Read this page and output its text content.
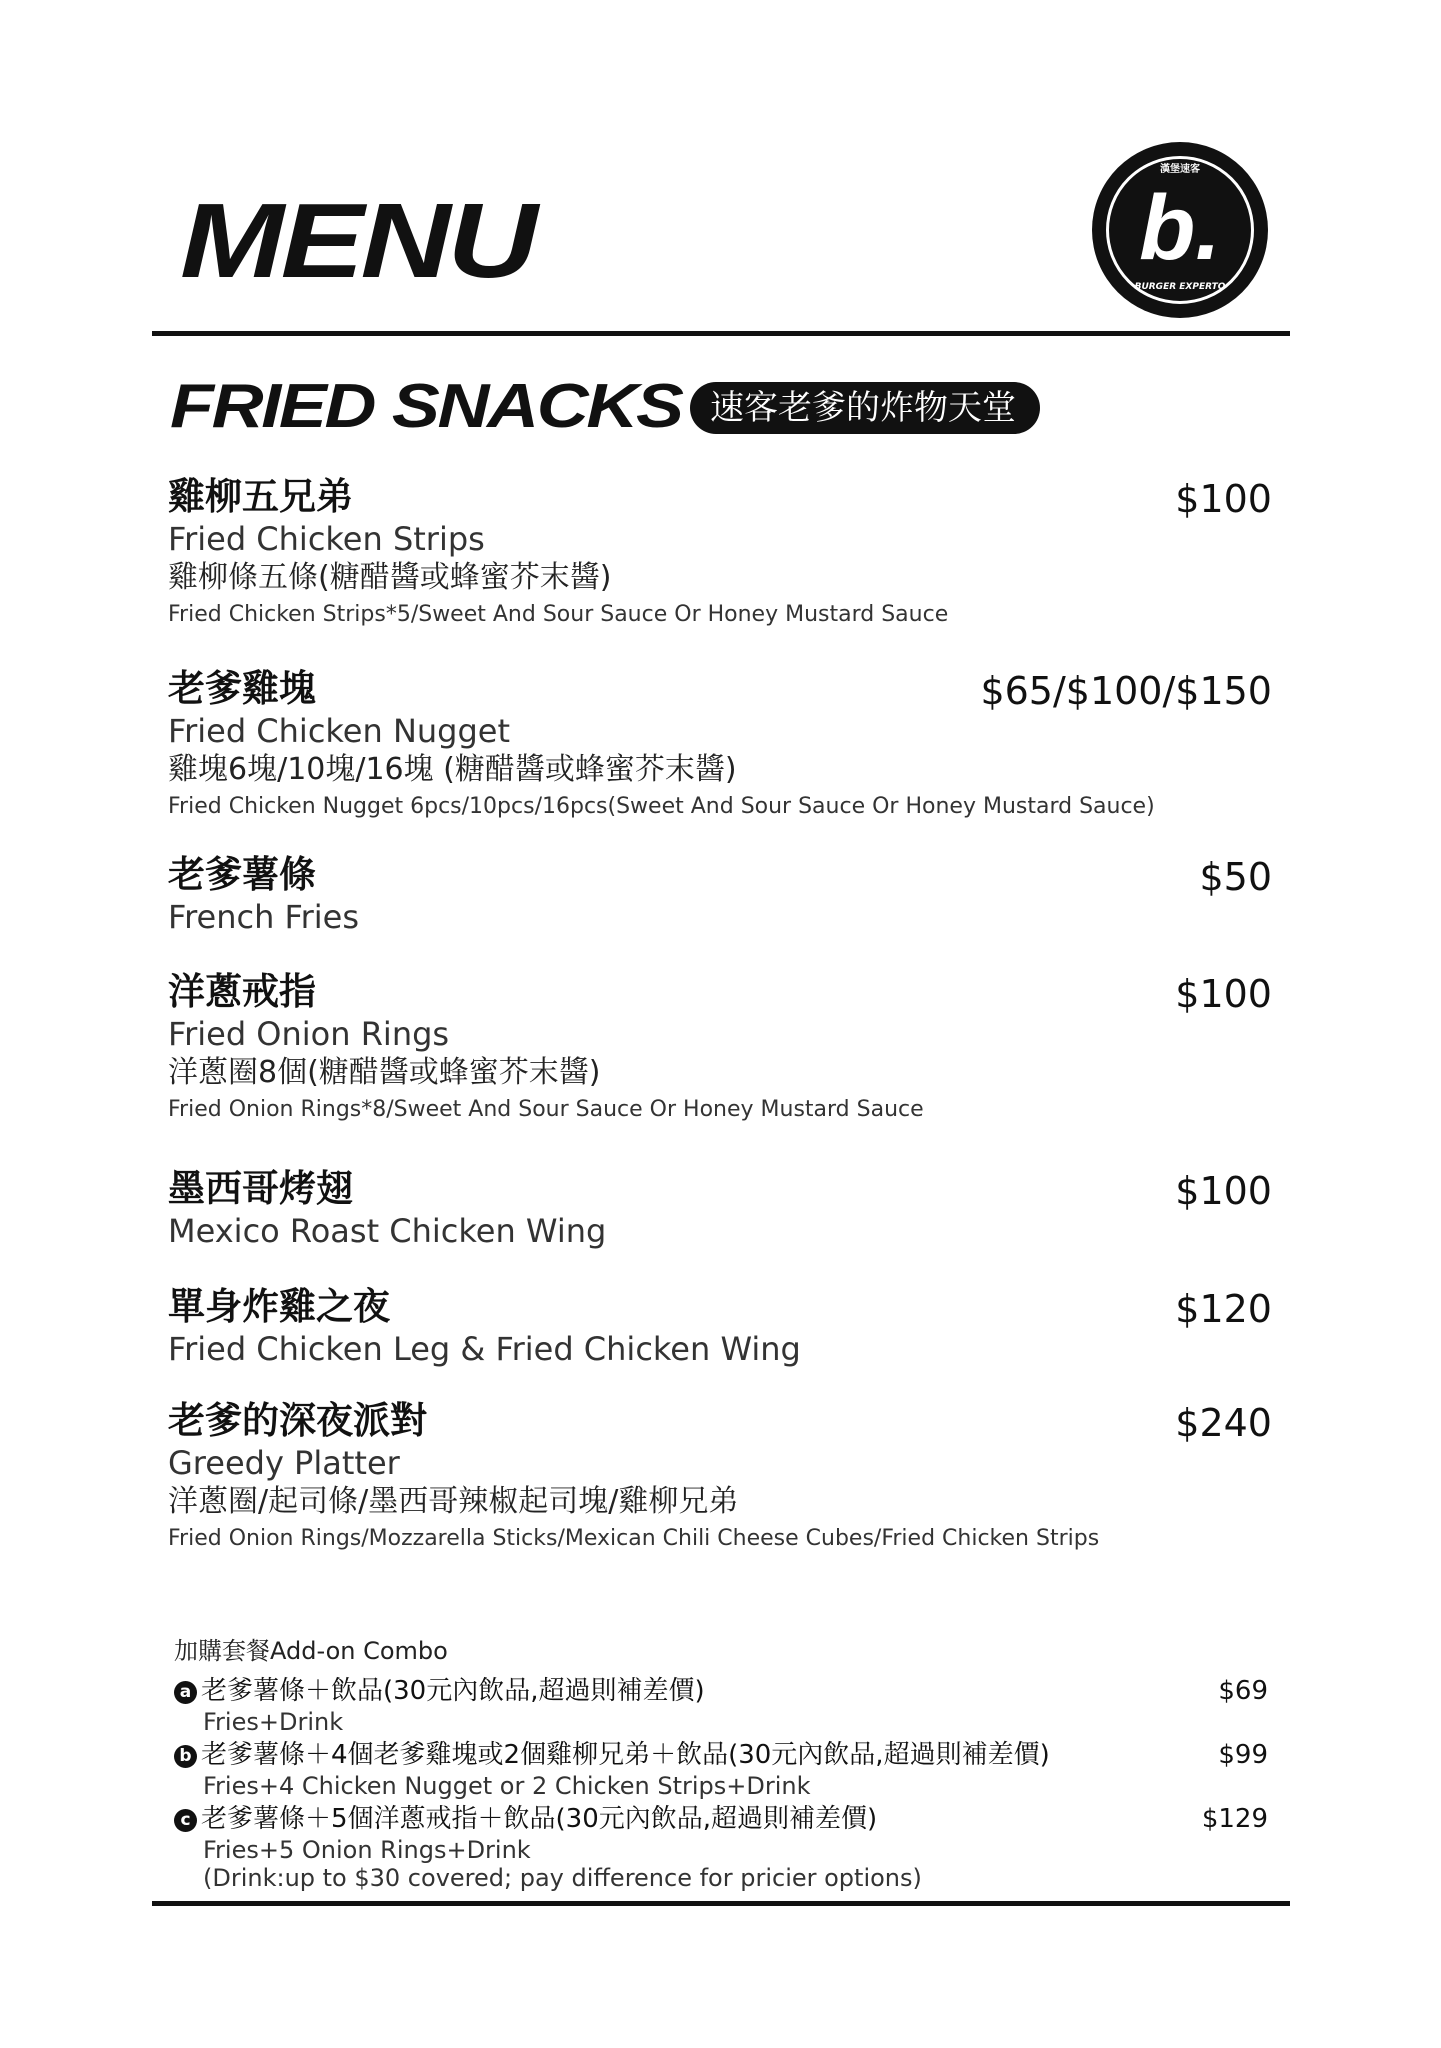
MENU
漢堡速客
b.
BURGER EXPERTO
FRIED SNACKS 速客老爹的炸物天堂
雞柳五兄弟
Fried Chicken Strips
雞柳條五條(糖醋醬或蜂蜜芥末醬)
Fried Chicken Strips*5/Sweet And Sour Sauce Or Honey Mustard Sauce
$100
老爹雞塊
Fried Chicken Nugget
雞塊6塊/10塊/16塊 (糖醋醬或蜂蜜芥末醬)
Fried Chicken Nugget 6pcs/10pcs/16pcs(Sweet And Sour Sauce Or Honey Mustard Sauce)
$65/$100/$150
老爹薯條
French Fries
$50
洋蔥戒指
Fried Onion Rings
洋蔥圈8個(糖醋醬或蜂蜜芥末醬)
Fried Onion Rings*8/Sweet And Sour Sauce Or Honey Mustard Sauce
$100
墨西哥烤翅
Mexico Roast Chicken Wing
$100
單身炸雞之夜
Fried Chicken Leg & Fried Chicken Wing
$120
老爹的深夜派對
Greedy Platter
洋蔥圈/起司條/墨西哥辣椒起司塊/雞柳兄弟
Fried Onion Rings/Mozzarella Sticks/Mexican Chili Cheese Cubes/Fried Chicken Strips
$240
加購套餐Add-on Combo
a 老爹薯條＋飲品(30元內飲品,超過則補差價)
Fries+Drink
$69
b 老爹薯條＋4個老爹雞塊或2個雞柳兄弟＋飲品(30元內飲品,超過則補差價)
Fries+4 Chicken Nugget or 2 Chicken Strips+Drink
$99
c 老爹薯條＋5個洋蔥戒指＋飲品(30元內飲品,超過則補差價)
Fries+5 Onion Rings+Drink
(Drink:up to $30 covered; pay difference for pricier options)
$129
